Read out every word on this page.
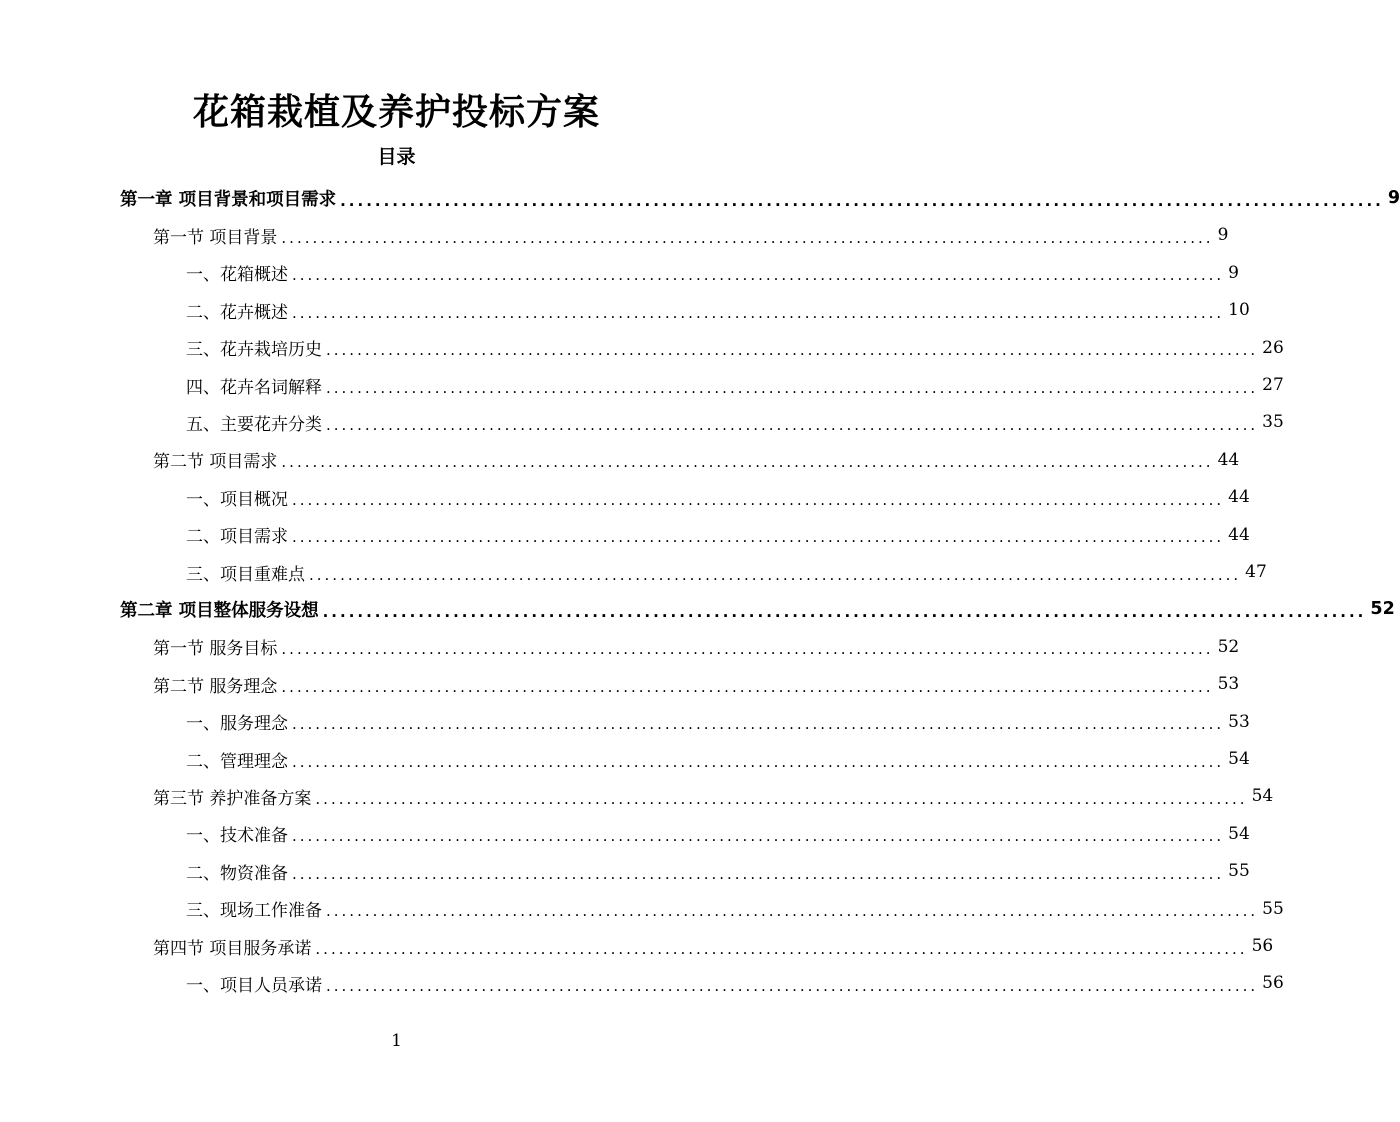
花箱栽植及养护投标方案
目录
第一章 项目背景和项目需求 ........................................................................................................................ 9
第一节 项目背景 ........................................................................................................................ 9
一、花箱概述 ........................................................................................................................ 9
二、花卉概述 ........................................................................................................................ 10
三、花卉栽培历史 ........................................................................................................................ 26
四、花卉名词解释 ........................................................................................................................ 27
五、主要花卉分类 ........................................................................................................................ 35
第二节 项目需求 ........................................................................................................................ 44
一、项目概况 ........................................................................................................................ 44
二、项目需求 ........................................................................................................................ 44
三、项目重难点 ........................................................................................................................ 47
第二章 项目整体服务设想 ........................................................................................................................ 52
第一节 服务目标 ........................................................................................................................ 52
第二节 服务理念 ........................................................................................................................ 53
一、服务理念 ........................................................................................................................ 53
二、管理理念 ........................................................................................................................ 54
第三节 养护准备方案 ........................................................................................................................ 54
一、技术准备 ........................................................................................................................ 54
二、物资准备 ........................................................................................................................ 55
三、现场工作准备 ........................................................................................................................ 55
第四节 项目服务承诺 ........................................................................................................................ 56
一、项目人员承诺 ........................................................................................................................ 56
1
